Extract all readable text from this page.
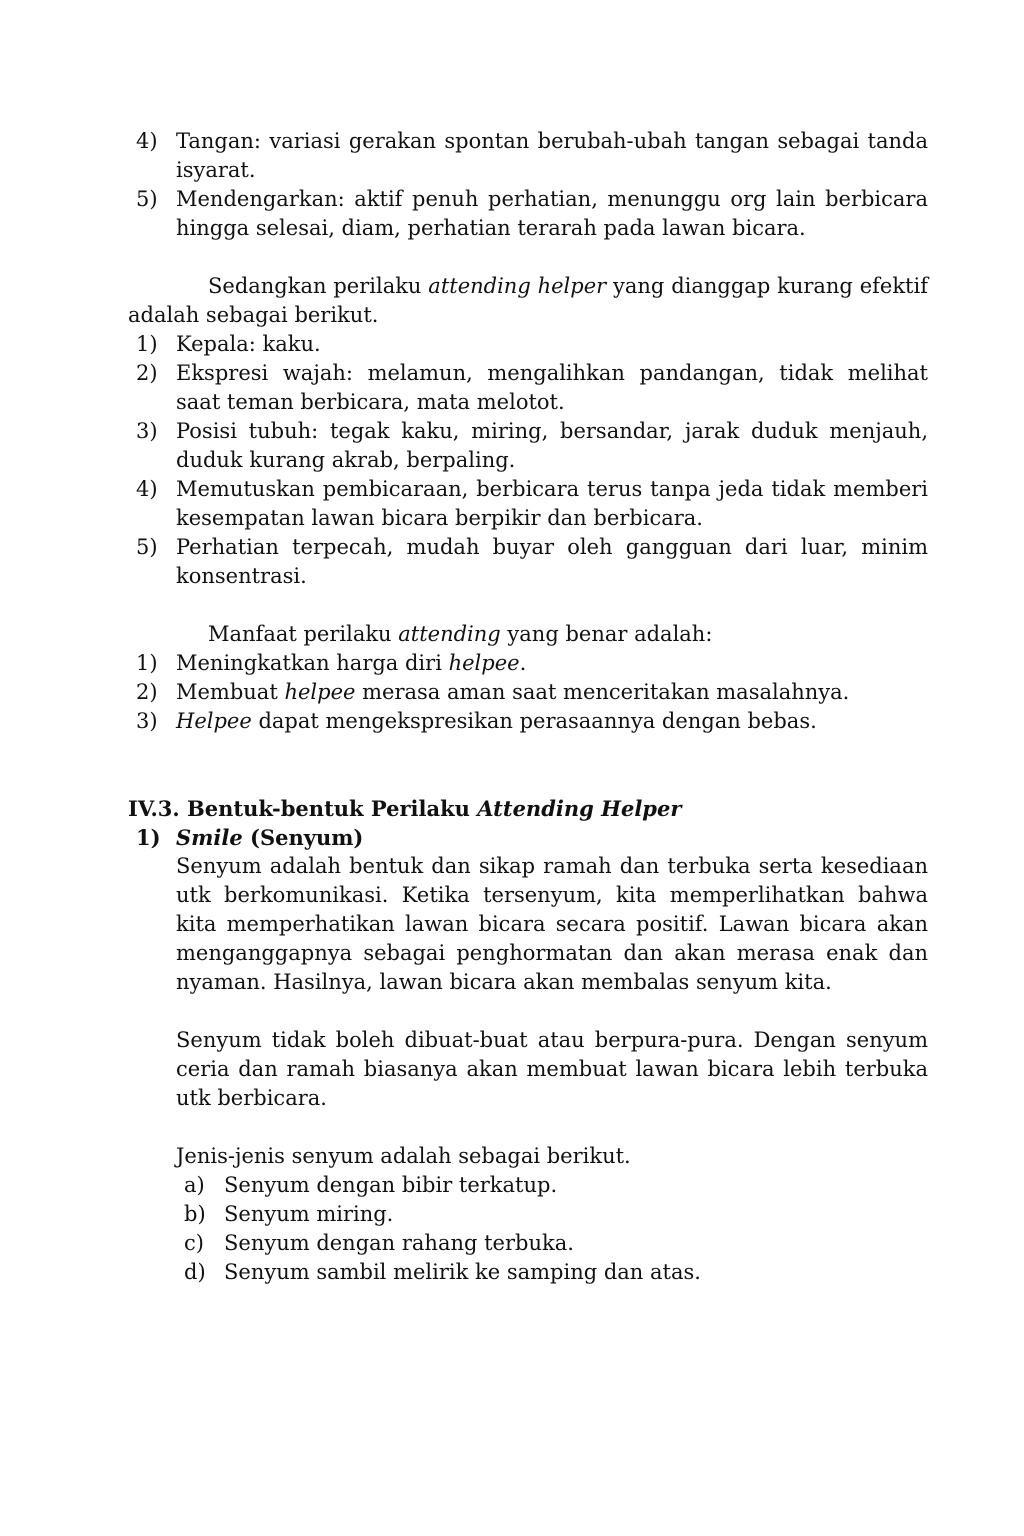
4) Tangan: variasi gerakan spontan berubah-ubah tangan sebagai tanda isyarat.
5) Mendengarkan: aktif penuh perhatian, menunggu org lain berbicara hingga selesai, diam, perhatian terarah pada lawan bicara.
Sedangkan perilaku attending helper yang dianggap kurang efektif adalah sebagai berikut.
1) Kepala: kaku.
2) Ekspresi wajah: melamun, mengalihkan pandangan, tidak melihat saat teman berbicara, mata melotot.
3) Posisi tubuh: tegak kaku, miring, bersandar, jarak duduk menjauh, duduk kurang akrab, berpaling.
4) Memutuskan pembicaraan, berbicara terus tanpa jeda tidak memberi kesempatan lawan bicara berpikir dan berbicara.
5) Perhatian terpecah, mudah buyar oleh gangguan dari luar, minim konsentrasi.
Manfaat perilaku attending yang benar adalah:
1) Meningkatkan harga diri helpee.
2) Membuat helpee merasa aman saat menceritakan masalahnya.
3) Helpee dapat mengekspresikan perasaannya dengan bebas.
IV.3. Bentuk-bentuk Perilaku Attending Helper
1) Smile (Senyum)
Senyum adalah bentuk dan sikap ramah dan terbuka serta kesediaan utk berkomunikasi. Ketika tersenyum, kita memperlihatkan bahwa kita memperhatikan lawan bicara secara positif. Lawan bicara akan menganggapnya sebagai penghormatan dan akan merasa enak dan nyaman. Hasilnya, lawan bicara akan membalas senyum kita.
Senyum tidak boleh dibuat-buat atau berpura-pura. Dengan senyum ceria dan ramah biasanya akan membuat lawan bicara lebih terbuka utk berbicara.
Jenis-jenis senyum adalah sebagai berikut.
a) Senyum dengan bibir terkatup.
b) Senyum miring.
c) Senyum dengan rahang terbuka.
d) Senyum sambil melirik ke samping dan atas.
